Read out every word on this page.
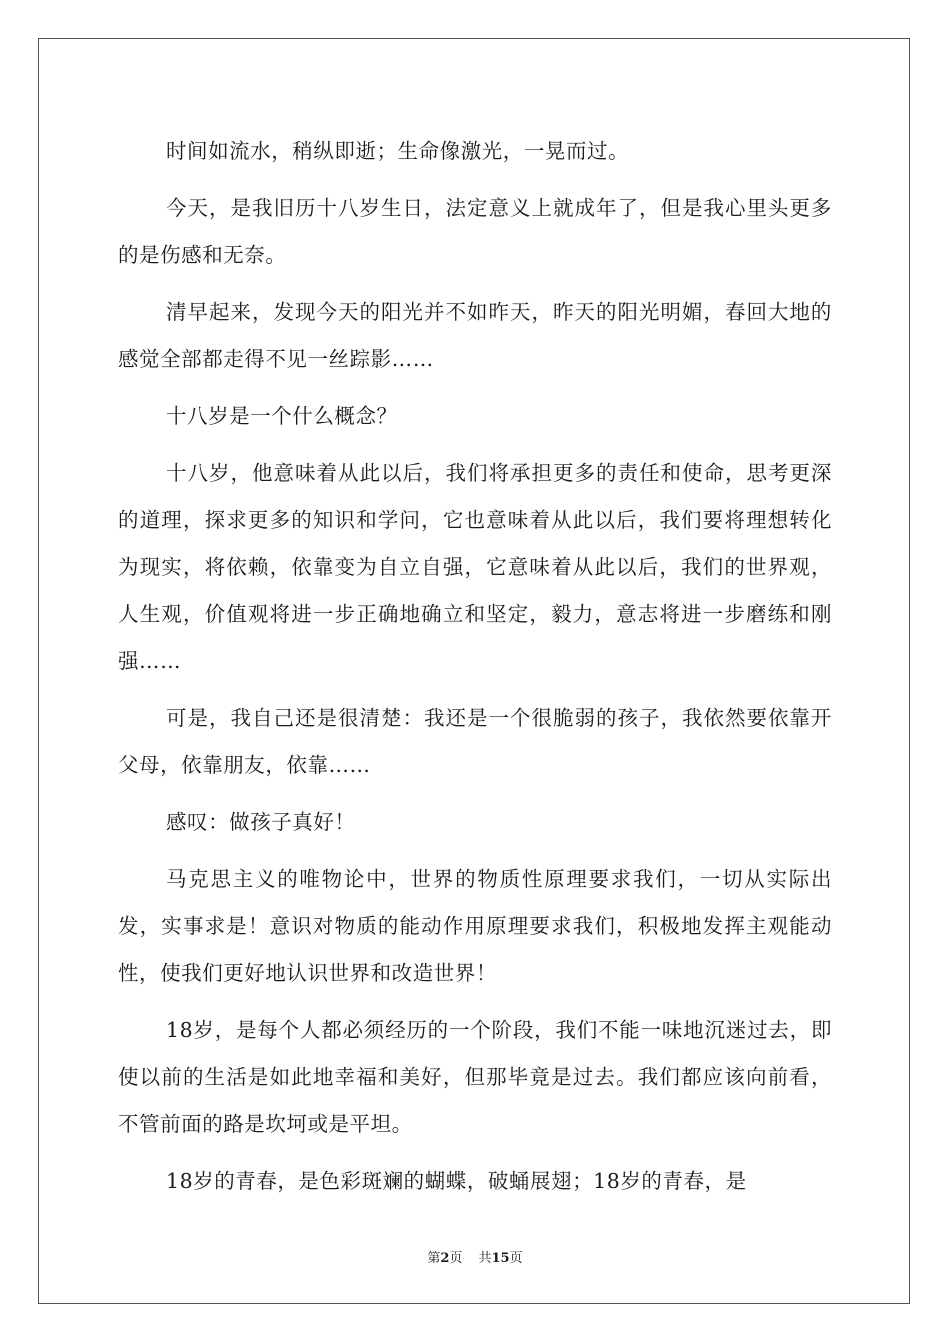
时间如流水，稍纵即逝；生命像激光，一晃而过。

今天，是我旧历十八岁生日，法定意义上就成年了，但是我心里头更多的是伤感和无奈。

清早起来，发现今天的阳光并不如昨天，昨天的阳光明媚，春回大地的感觉全部都走得不见一丝踪影……

十八岁是一个什么概念？

十八岁，他意味着从此以后，我们将承担更多的责任和使命，思考更深的道理，探求更多的知识和学问，它也意味着从此以后，我们要将理想转化为现实，将依赖，依靠变为自立自强，它意味着从此以后，我们的世界观，人生观，价值观将进一步正确地确立和坚定，毅力，意志将进一步磨练和刚强……

可是，我自己还是很清楚：我还是一个很脆弱的孩子，我依然要依靠开父母，依靠朋友，依靠……

感叹：做孩子真好！

马克思主义的唯物论中，世界的物质性原理要求我们，一切从实际出发，实事求是！意识对物质的能动作用原理要求我们，积极地发挥主观能动性，使我们更好地认识世界和改造世界！

18岁，是每个人都必须经历的一个阶段，我们不能一味地沉迷过去，即使以前的生活是如此地幸福和美好，但那毕竟是过去。我们都应该向前看，不管前面的路是坎坷或是平坦。

18岁的青春，是色彩斑斓的蝴蝶，破蛹展翅；18岁的青春，是

第2页 共15页
